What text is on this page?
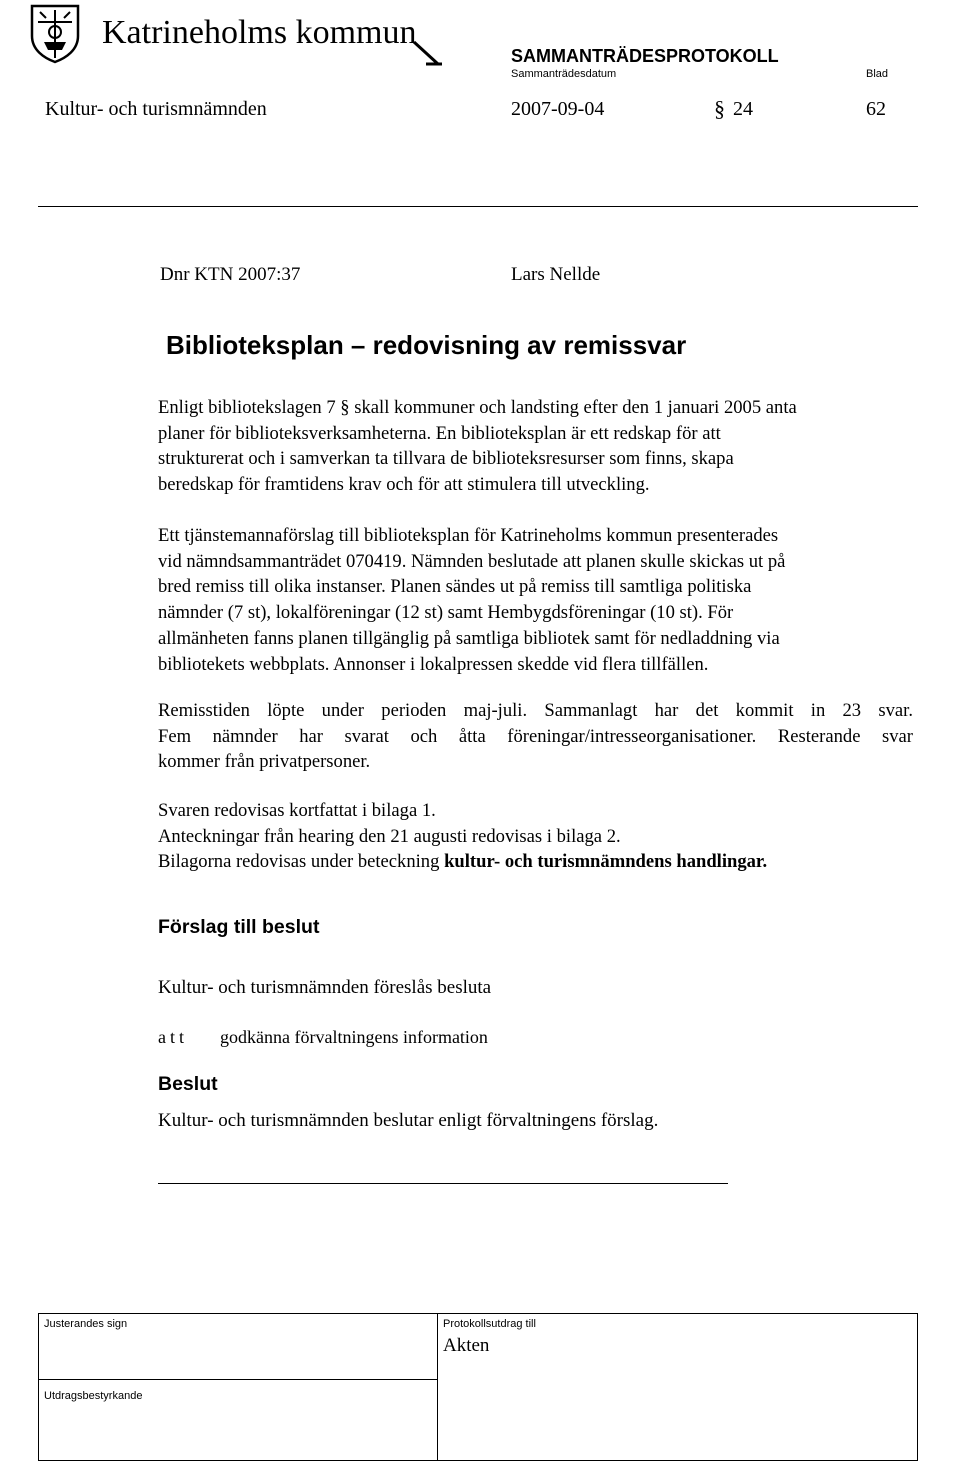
Katrineholms kommun
SAMMANTRÄDESPROTOKOLL
Sammanträdesdatum	Blad
Kultur- och turismnämnden	2007-09-04	§ 24	62
Dnr KTN 2007:37	Lars Nellde
Biblioteksplan – redovisning av remissvar

Enligt bibliotekslagen 7 § skall kommuner och landsting efter den 1 januari 2005 anta

planer för biblioteksverksamheterna. En biblioteksplan är ett redskap för att

strukturerat och i samverkan ta tillvara de biblioteksresurser som finns, skapa

beredskap för framtidens krav och för att stimulera till utveckling.

Ett tjänstemannaförslag till biblioteksplan för Katrineholms kommun presenterades

vid nämndsammanträdet 070419. Nämnden beslutade att planen skulle skickas ut på

bred remiss till olika instanser. Planen sändes ut på remiss till samtliga politiska

nämnder (7 st), lokalföreningar (12 st) samt Hembygdsföreningar (10 st). För

allmänheten fanns planen tillgänglig på samtliga bibliotek samt för nedladdning via

bibliotekets webbplats. Annonser i lokalpressen skedde vid flera tillfällen.

Remisstiden löpte under perioden maj-juli. Sammanlagt har det kommit in 23 svar.

Fem nämnder har svarat och åtta föreningar/intresseorganisationer. Resterande svar

kommer från privatpersoner.

Svaren redovisas kortfattat i bilaga 1.

Anteckningar från hearing den 21 augusti redovisas i bilaga 2.

Bilagorna redovisas under beteckning kultur- och turismnämndens handlingar.

Förslag till beslut
Kultur- och turismnämnden föreslås besluta
att godkänna förvaltningens information
Beslut
Kultur- och turismnämnden beslutar enligt förvaltningens förslag.
Justerandes sign	Protokollsutdrag till
Akten
Utdragsbestyrkande
